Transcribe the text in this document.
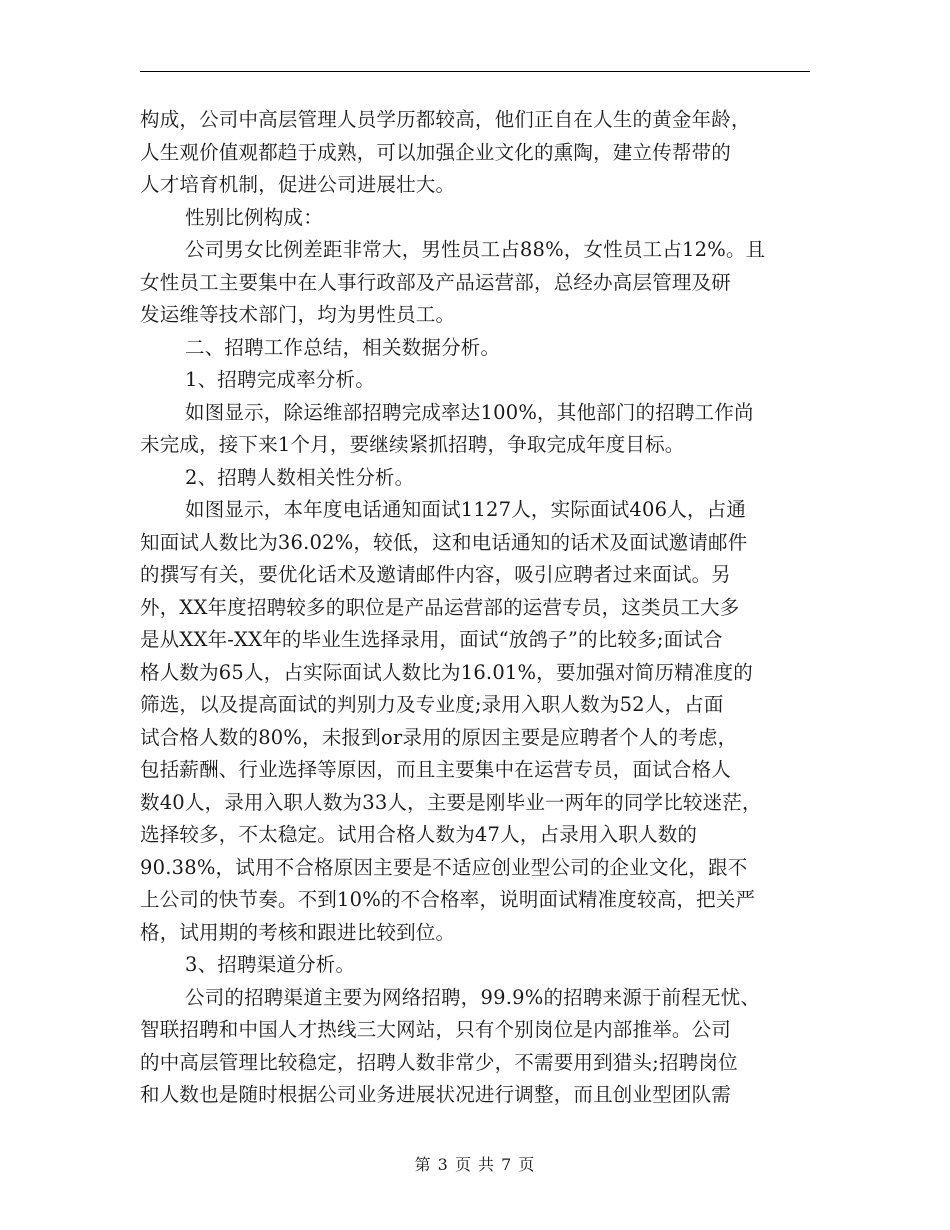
构成，公司中高层管理人员学历都较高，他们正自在人生的黄金年龄，
人生观价值观都趋于成熟，可以加强企业文化的熏陶，建立传帮带的
人才培育机制，促进公司进展壮大。
性别比例构成：
公司男女比例差距非常大，男性员工占88%，女性员工占12%。且
女性员工主要集中在人事行政部及产品运营部，总经办高层管理及研
发运维等技术部门，均为男性员工。
二、招聘工作总结，相关数据分析。
1、招聘完成率分析。
如图显示，除运维部招聘完成率达100%，其他部门的招聘工作尚
未完成，接下来1个月，要继续紧抓招聘，争取完成年度目标。
2、招聘人数相关性分析。
如图显示，本年度电话通知面试1127人，实际面试406人，占通
知面试人数比为36.02%，较低，这和电话通知的话术及面试邀请邮件
的撰写有关，要优化话术及邀请邮件内容，吸引应聘者过来面试。另
外，XX年度招聘较多的职位是产品运营部的运营专员，这类员工大多
是从XX年-XX年的毕业生选择录用，面试“放鸽子”的比较多;面试合
格人数为65人，占实际面试人数比为16.01%，要加强对简历精准度的
筛选，以及提高面试的判别力及专业度;录用入职人数为52人，占面
试合格人数的80%，未报到or录用的原因主要是应聘者个人的考虑，
包括薪酬、行业选择等原因，而且主要集中在运营专员，面试合格人
数40人，录用入职人数为33人，主要是刚毕业一两年的同学比较迷茫，
选择较多，不太稳定。试用合格人数为47人，占录用入职人数的
90.38%，试用不合格原因主要是不适应创业型公司的企业文化，跟不
上公司的快节奏。不到10%的不合格率，说明面试精准度较高，把关严
格，试用期的考核和跟进比较到位。
3、招聘渠道分析。
公司的招聘渠道主要为网络招聘，99.9%的招聘来源于前程无忧、
智联招聘和中国人才热线三大网站，只有个别岗位是内部推举。公司
的中高层管理比较稳定，招聘人数非常少，不需要用到猎头;招聘岗位
和人数也是随时根据公司业务进展状况进行调整，而且创业型团队需
第 3 页 共 7 页
